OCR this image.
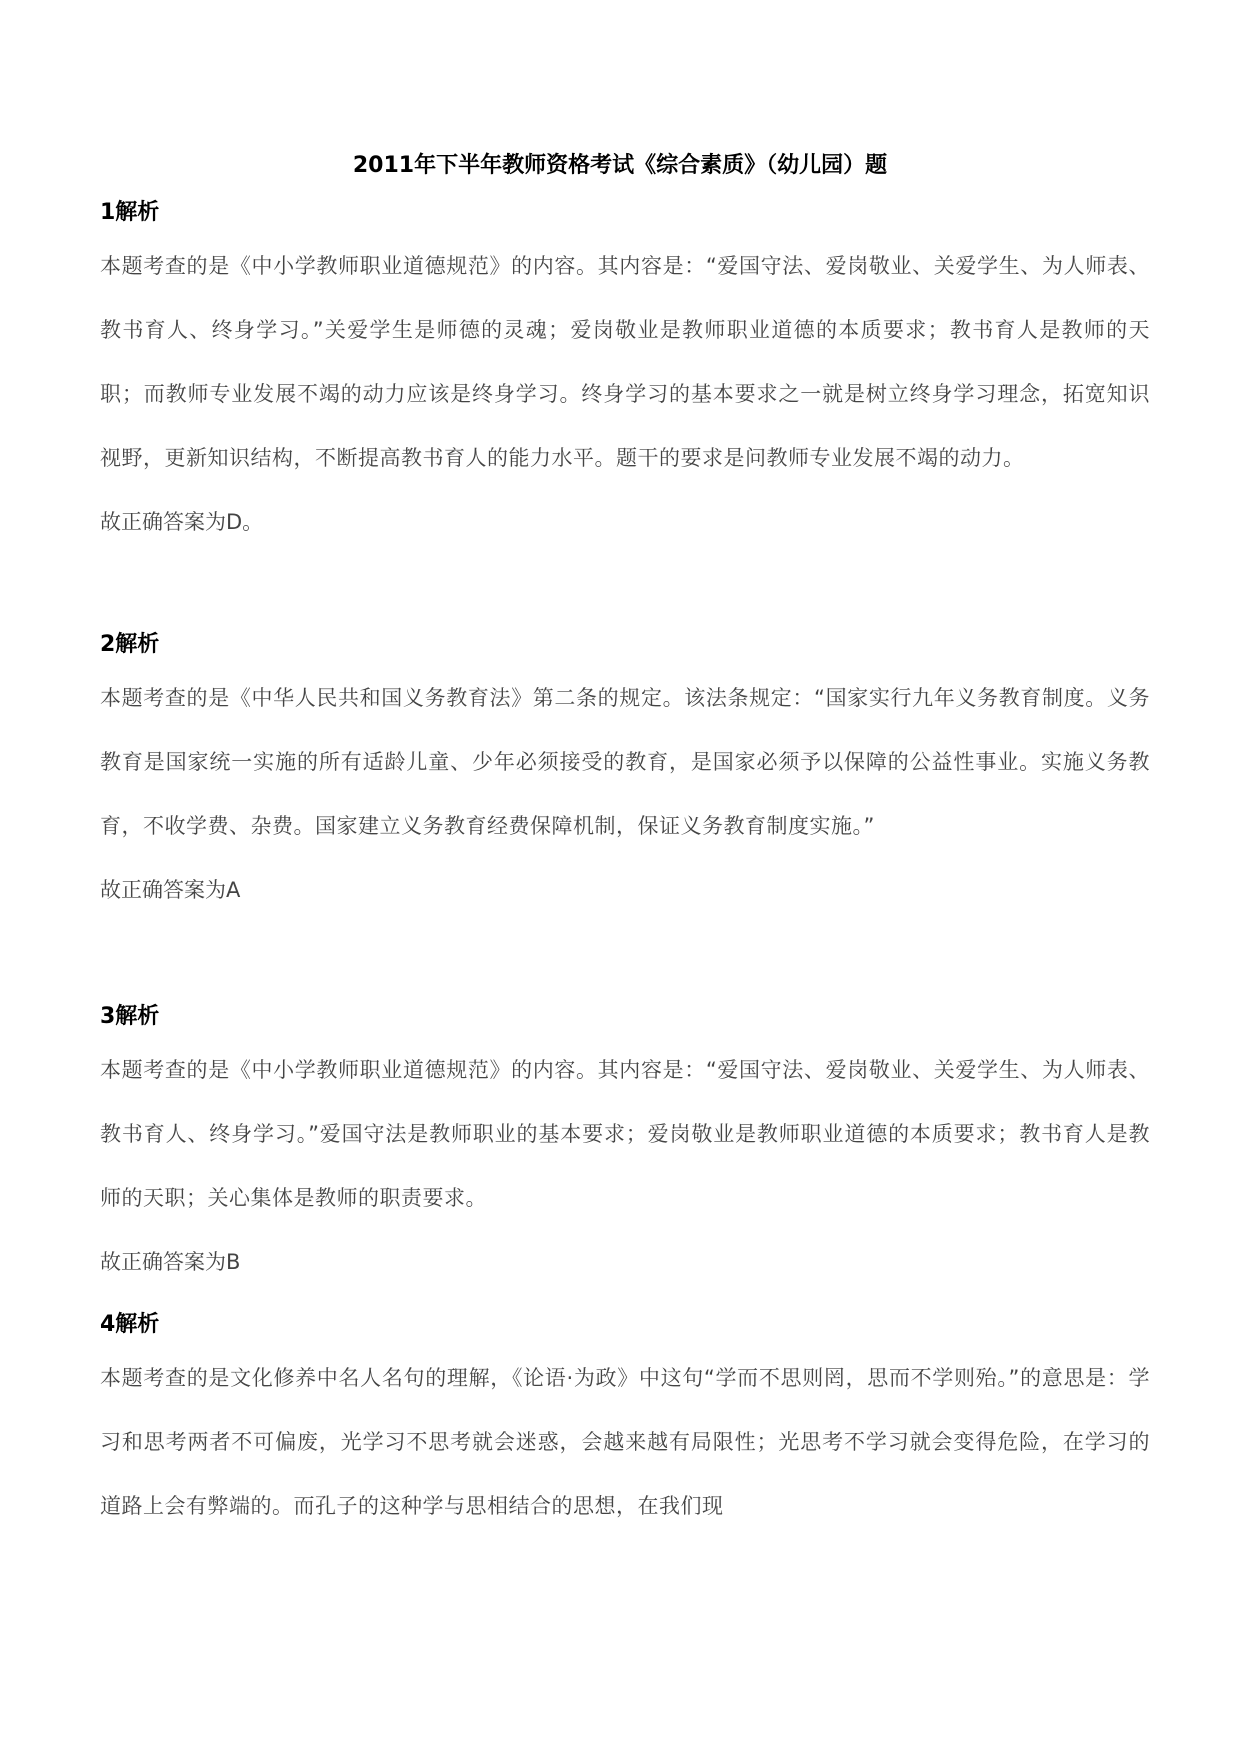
2011年下半年教师资格考试《综合素质》（幼儿园）题
1解析

本题考查的是《中小学教师职业道德规范》的内容。其内容是：“爱国守法、爱岗敬业、关爱学生、为人师表、教书育人、终身学习。”关爱学生是师德的灵魂；爱岗敬业是教师职业道德的本质要求；教书育人是教师的天职；而教师专业发展不竭的动力应该是终身学习。终身学习的基本要求之一就是树立终身学习理念，拓宽知识视野，更新知识结构，不断提高教书育人的能力水平。题干的要求是问教师专业发展不竭的动力。

故正确答案为D。

2解析

本题考查的是《中华人民共和国义务教育法》第二条的规定。该法条规定：“国家实行九年义务教育制度。义务教育是国家统一实施的所有适龄儿童、少年必须接受的教育，是国家必须予以保障的公益性事业。实施义务教育，不收学费、杂费。国家建立义务教育经费保障机制，保证义务教育制度实施。”

故正确答案为A

3解析

本题考查的是《中小学教师职业道德规范》的内容。其内容是：“爱国守法、爱岗敬业、关爱学生、为人师表、教书育人、终身学习。”爱国守法是教师职业的基本要求；爱岗敬业是教师职业道德的本质要求；教书育人是教师的天职；关心集体是教师的职责要求。

故正确答案为B

4解析

本题考查的是文化修养中名人名句的理解，《论语·为政》中这句“学而不思则罔，思而不学则殆。”的意思是：学习和思考两者不可偏废，光学习不思考就会迷惑，会越来越有局限性；光思考不学习就会变得危险，在学习的道路上会有弊端的。而孔子的这种学与思相结合的思想，在我们现
